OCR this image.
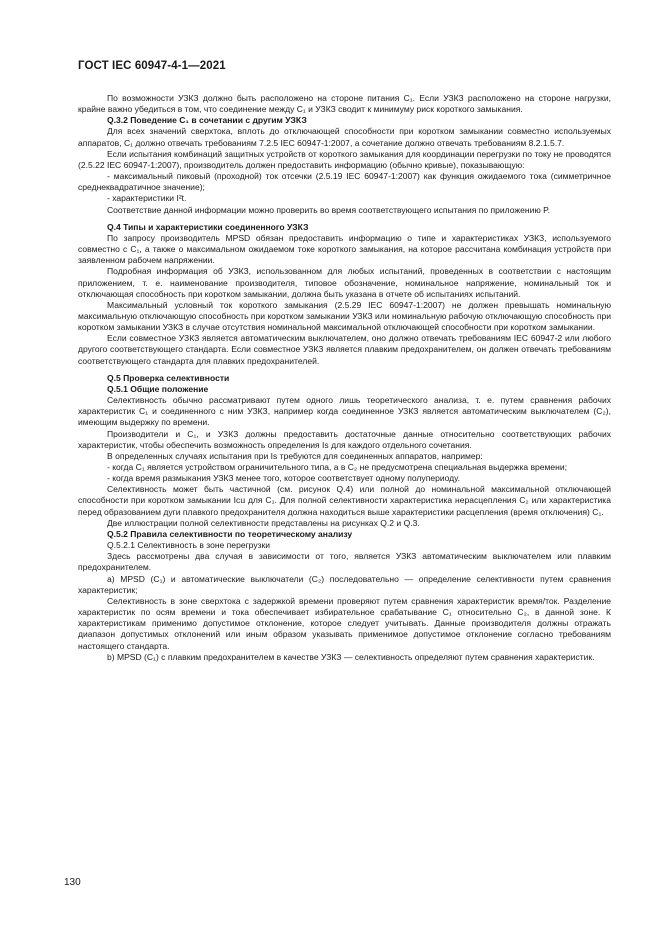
ГОСТ IEC 60947-4-1—2021

По возможности УЗКЗ должно быть расположено на стороне питания C₁. Если УЗКЗ расположено на стороне нагрузки, крайне важно убедиться в том, что соединение между C₁ и УЗКЗ сводит к минимуму риск короткого замыкания.

Q.3.2 Поведение C₁ в сочетании с другим УЗКЗ

Для всех значений сверхтока, вплоть до отключающей способности при коротком замыкании совместно используемых аппаратов, C₁ должно отвечать требованиям 7.2.5 IEC 60947-1:2007, а сочетание должно отвечать требованиям 8.2.1.5.7.

Если испытания комбинаций защитных устройств от короткого замыкания для координации перегрузки по току не проводятся (2.5.22 IEC 60947-1:2007), производитель должен предоставить информацию (обычно кривые), показывающую:

- максимальный пиковый (проходной) ток отсечки (2.5.19 IEC 60947-1:2007) как функция ожидаемого тока (симметричное среднеквадратичное значение);

- характеристики I²t.

Соответствие данной информации можно проверить во время соответствующего испытания по приложению P.

Q.4 Типы и характеристики соединенного УЗКЗ

По запросу производитель MPSD обязан предоставить информацию о типе и характеристиках УЗКЗ, используемого совместно с C₁, а также о максимальном ожидаемом токе короткого замыкания, на которое рассчитана комбинация устройств при заявленном рабочем напряжении.

Подробная информация об УЗКЗ, использованном для любых испытаний, проведенных в соответствии с настоящим приложением, т. е. наименование производителя, типовое обозначение, номинальное напряжение, номинальный ток и отключающая способность при коротком замыкании, должна быть указана в отчете об испытаниях испытаний.

Максимальный условный ток короткого замыкания (2.5.29 IEC 60947-1:2007) не должен превышать номинальную максимальную отключающую способность при коротком замыкании УЗКЗ или номинальную рабочую отключающую способность при коротком замыкании УЗКЗ в случае отсутствия номинальной максимальной отключающей способности при коротком замыкании.

Если совместное УЗКЗ является автоматическим выключателем, оно должно отвечать требованиям IEC 60947-2 или любого другого соответствующего стандарта. Если совместное УЗКЗ является плавким предохранителем, он должен отвечать требованиям соответствующего стандарта для плавких предохранителей.

Q.5 Проверка селективности

Q.5.1 Общие положение

Селективность обычно рассматривают путем одного лишь теоретического анализа, т. е. путем сравнения рабочих характеристик C₁ и соединенного с ним УЗКЗ, например когда соединенное УЗКЗ является автоматическим выключателем (C₂), имеющим выдержку по времени.

Производители и C₁, и УЗКЗ должны предоставить достаточные данные относительно соответствующих рабочих характеристик, чтобы обеспечить возможность определения Is для каждого отдельного сочетания.

В определенных случаях испытания при Is требуются для соединенных аппаратов, например:

- когда C₁ является устройством ограничительного типа, а в C₂ не предусмотрена специальная выдержка времени;

- когда время размыкания УЗКЗ менее того, которое соответствует одному полупериоду.

Селективность может быть частичной (см. рисунок Q.4) или полной до номинальной максимальной отключающей способности при коротком замыкании Icu для C₁. Для полной селективности характеристика нерасцепления C₂ или характеристика перед образованием дуги плавкого предохранителя должна находиться выше характеристики расцепления (время отключения) C₁.

Две иллюстрации полной селективности представлены на рисунках Q.2 и Q.3.

Q.5.2 Правила селективности по теоретическому анализу

Q.5.2.1 Селективность в зоне перегрузки

Здесь рассмотрены два случая в зависимости от того, является УЗКЗ автоматическим выключателем или плавким предохранителем.

а) MPSD (C₁) и автоматические выключатели (C₂) последовательно — определение селективности путем сравнения характеристик;

Селективность в зоне сверхтока с задержкой времени проверяют путем сравнения характеристик время/ток. Разделение характеристик по осям времени и тока обеспечивает избирательное срабатывание C₁ относительно C₂, в данной зоне. К характеристикам применимо допустимое отклонение, которое следует учитывать. Данные производителя должны отражать диапазон допустимых отклонений или иным образом указывать применимое допустимое отклонение согласно требованиям настоящего стандарта.

b) MPSD (C₁) с плавким предохранителем в качестве УЗКЗ — селективность определяют путем сравнения характеристик.

130
